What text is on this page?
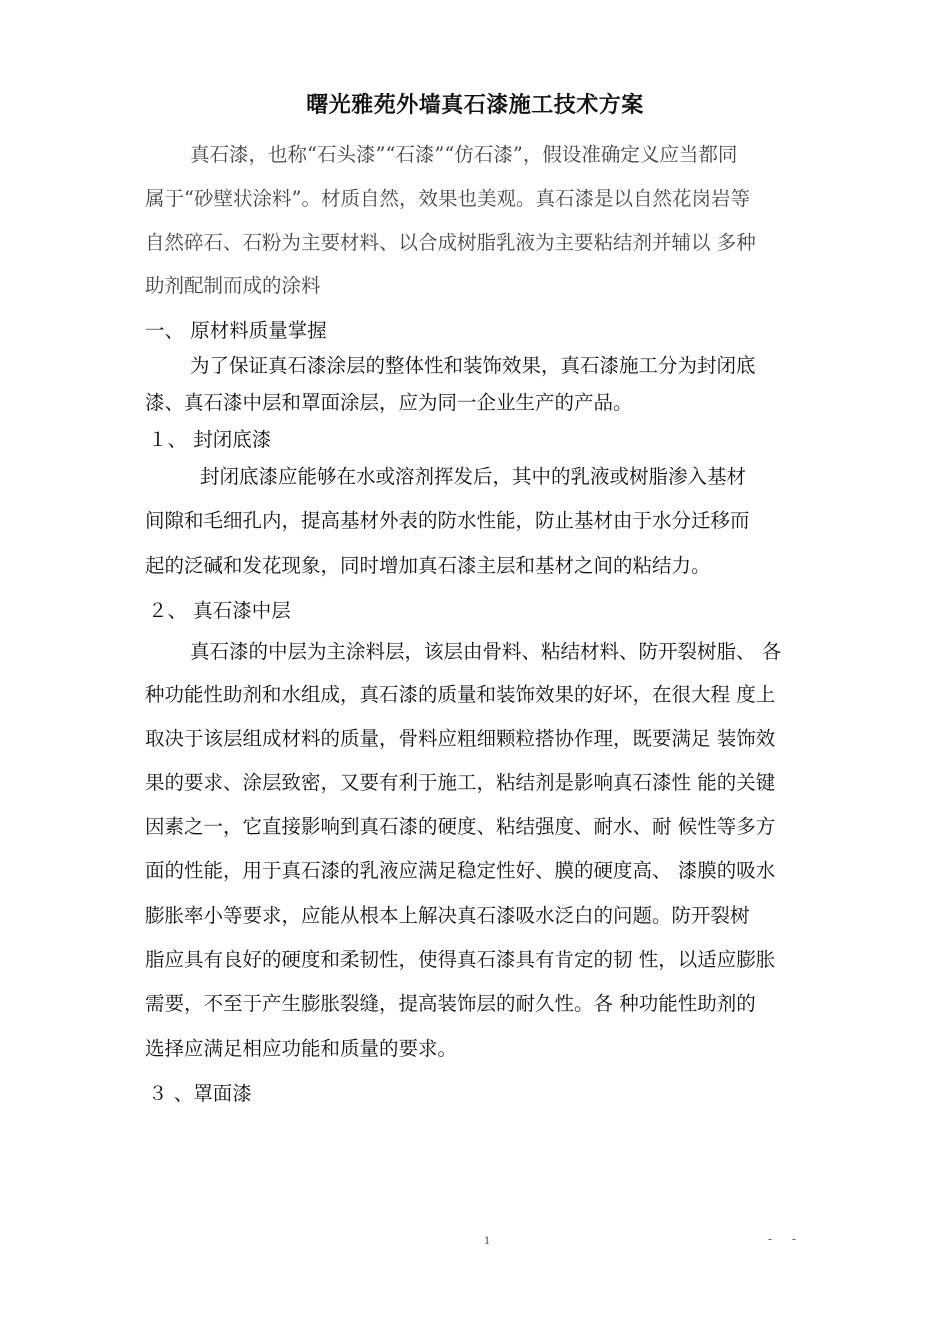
曙光雅苑外墙真石漆施工技术方案
真石漆，也称“石头漆”“石漆”“仿石漆”，假设准确定义应当都同
属于“砂壁状涂料”。材质自然，效果也美观。真石漆是以自然花岗岩等
自然碎石、石粉为主要材料、以合成树脂乳液为主要粘结剂并辅以 多种
助剂配制而成的涂料
一、 原材料质量掌握
为了保证真石漆涂层的整体性和装饰效果，真石漆施工分为封闭底
漆、真石漆中层和罩面涂层，应为同一企业生产的产品。
１、 封闭底漆
封闭底漆应能够在水或溶剂挥发后，其中的乳液或树脂渗入基材
间隙和毛细孔内，提高基材外表的防水性能，防止基材由于水分迁移而
起的泛碱和发花现象，同时增加真石漆主层和基材之间的粘结力。
２、 真石漆中层
真石漆的中层为主涂料层，该层由骨料、粘结材料、防开裂树脂、 各
种功能性助剂和水组成，真石漆的质量和装饰效果的好坏，在很大程 度上
取决于该层组成材料的质量，骨料应粗细颗粒搭协作理，既要满足 装饰效
果的要求、涂层致密，又要有利于施工，粘结剂是影响真石漆性 能的关键
因素之一，它直接影响到真石漆的硬度、粘结强度、耐水、耐 候性等多方
面的性能，用于真石漆的乳液应满足稳定性好、膜的硬度高、 漆膜的吸水
膨胀率小等要求，应能从根本上解决真石漆吸水泛白的问题。防开裂树
脂应具有良好的硬度和柔韧性，使得真石漆具有肯定的韧 性，以适应膨胀
需要，不至于产生膨胀裂缝，提高装饰层的耐久性。各 种功能性助剂的
选择应满足相应功能和质量的要求。
３ 、罩面漆
1	- -
